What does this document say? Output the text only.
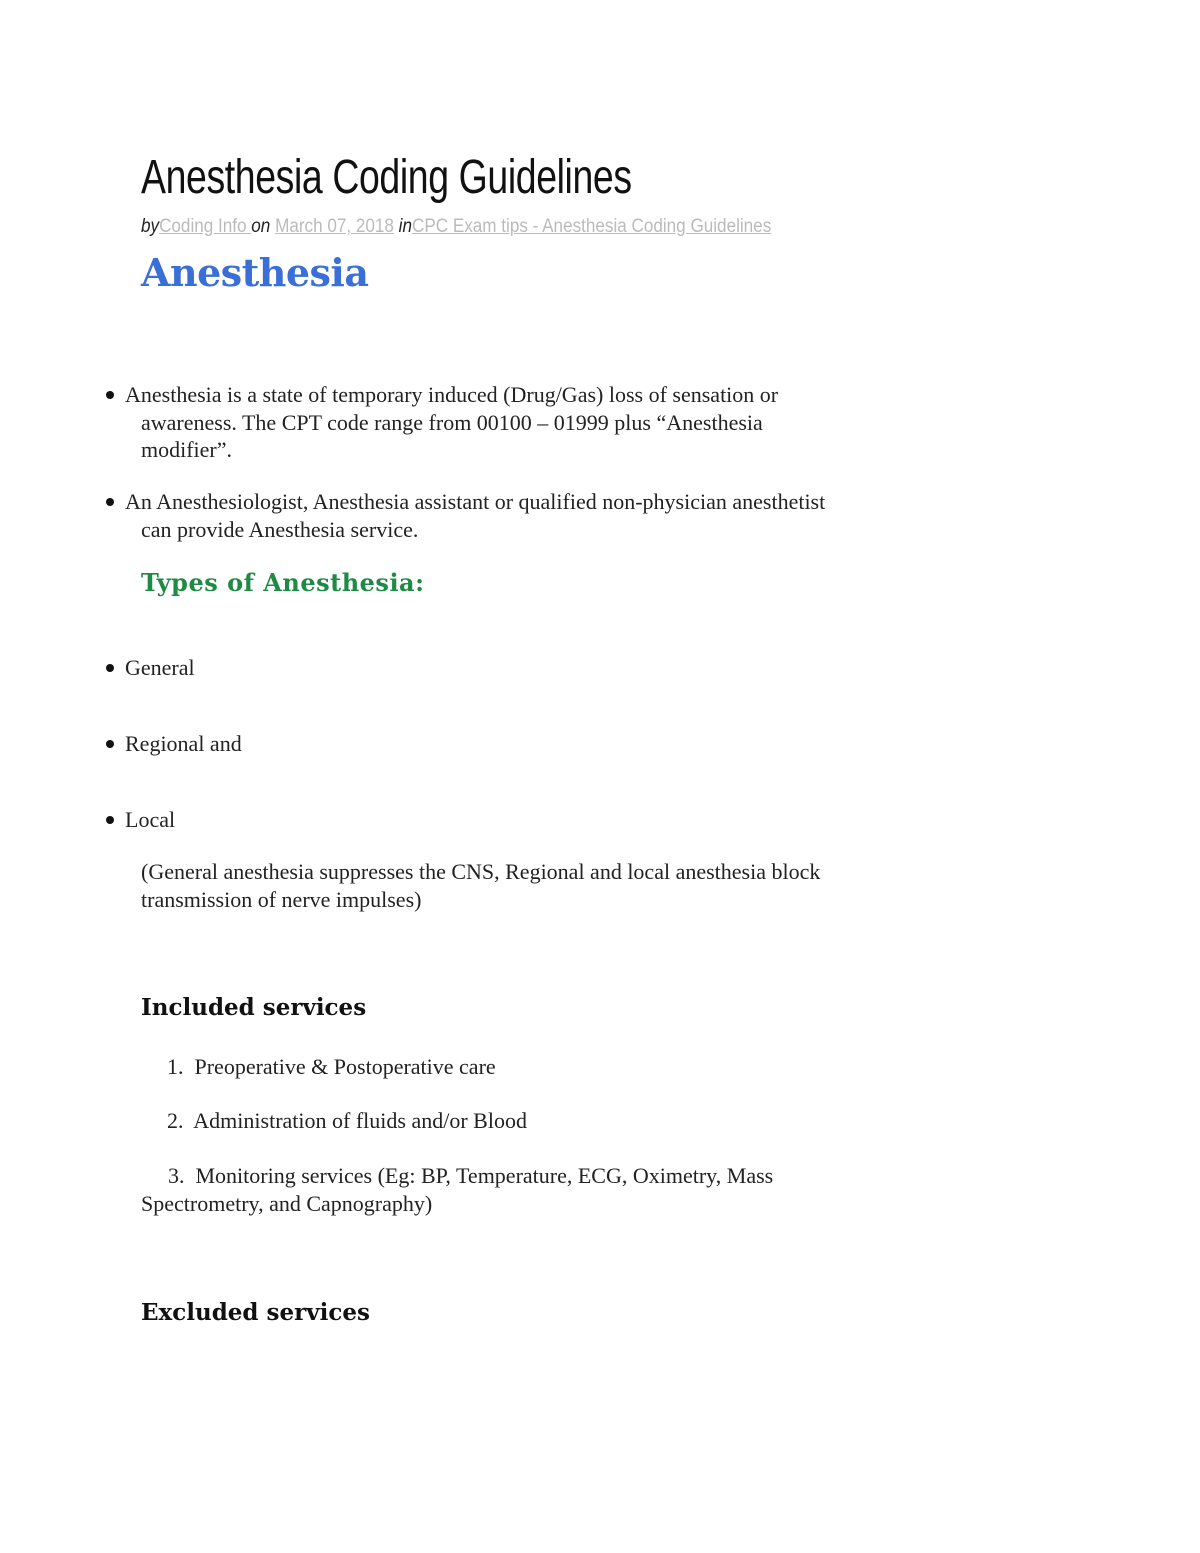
Anesthesia Coding Guidelines
byCoding Info on March 07, 2018 inCPC Exam tips - Anesthesia Coding Guidelines
Anesthesia
Anesthesia is a state of temporary induced (Drug/Gas) loss of sensation or
awareness. The CPT code range from 00100 – 01999 plus “Anesthesia
modifier”.
An Anesthesiologist, Anesthesia assistant or qualified non-physician anesthetist
can provide Anesthesia service.
Types of Anesthesia:
General
Regional and
Local
(General anesthesia suppresses the CNS, Regional and local anesthesia block
transmission of nerve impulses)
Included services
1. Preoperative & Postoperative care
2. Administration of fluids and/or Blood
3. Monitoring services (Eg: BP, Temperature, ECG, Oximetry, Mass
Spectrometry, and Capnography)
Excluded services
